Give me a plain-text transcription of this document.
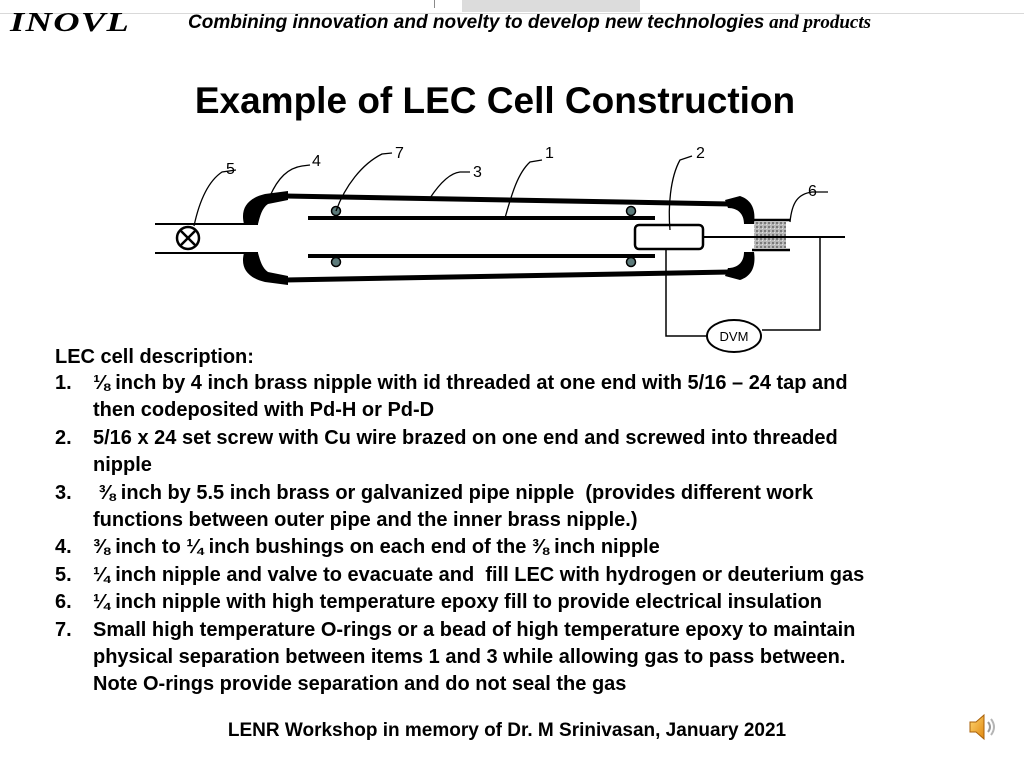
INOVL	Combining innovation and novelty to develop new technologies and products
Example of LEC Cell Construction
DVM
5	4	7
3
1	2
6
LEC cell description:
1. ⅛ inch by 4 inch brass nipple with id threaded at one end with 5/16 – 24 tap and
then codeposited with Pd-H or Pd-D
2. 5/16 x 24 set screw with Cu wire brazed on one end and screwed into threaded
nipple
3. ⅜ inch by 5.5 inch brass or galvanized pipe nipple  (provides different work
functions between outer pipe and the inner brass nipple.)
4. ⅜ inch to ¼ inch bushings on each end of the ⅜ inch nipple
5. ¼ inch nipple and valve to evacuate and  fill LEC with hydrogen or deuterium gas
6. ¼ inch nipple with high temperature epoxy fill to provide electrical insulation
7. Small high temperature O-rings or a bead of high temperature epoxy to maintain
physical separation between items 1 and 3 while allowing gas to pass between.
Note O-rings provide separation and do not seal the gas
LENR Workshop in memory of Dr. M Srinivasan, January 2021
